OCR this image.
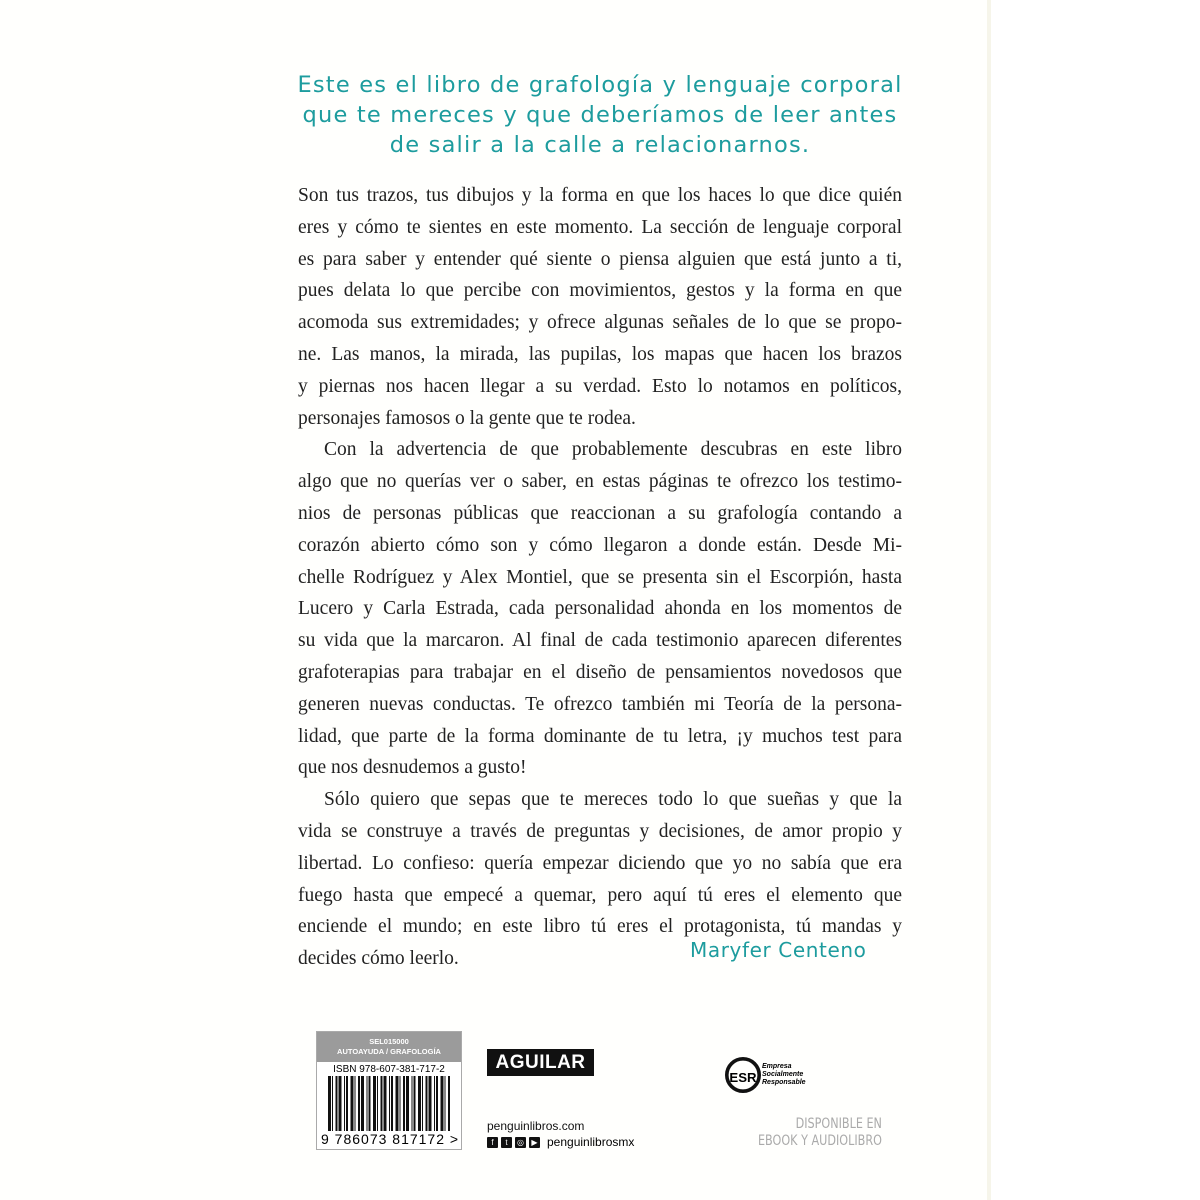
Este es el libro de grafología y lenguaje corporal
que te mereces y que deberíamos de leer antes
de salir a la calle a relacionarnos.
Son tus trazos, tus dibujos y la forma en que los haces lo que dice quién
eres y cómo te sientes en este momento. La sección de lenguaje corporal
es para saber y entender qué siente o piensa alguien que está junto a ti,
pues delata lo que percibe con movimientos, gestos y la forma en que
acomoda sus extremidades; y ofrece algunas señales de lo que se propo-
ne. Las manos, la mirada, las pupilas, los mapas que hacen los brazos
y piernas nos hacen llegar a su verdad. Esto lo notamos en políticos,
personajes famosos o la gente que te rodea.
Con la advertencia de que probablemente descubras en este libro
algo que no querías ver o saber, en estas páginas te ofrezco los testimo-
nios de personas públicas que reaccionan a su grafología contando a
corazón abierto cómo son y cómo llegaron a donde están. Desde Mi-
chelle Rodríguez y Alex Montiel, que se presenta sin el Escorpión, hasta
Lucero y Carla Estrada, cada personalidad ahonda en los momentos de
su vida que la marcaron. Al final de cada testimonio aparecen diferentes
grafoterapias para trabajar en el diseño de pensamientos novedosos que
generen nuevas conductas. Te ofrezco también mi Teoría de la persona-
lidad, que parte de la forma dominante de tu letra, ¡y muchos test para
que nos desnudemos a gusto!
Sólo quiero que sepas que te mereces todo lo que sueñas y que la
vida se construye a través de preguntas y decisiones, de amor propio y
libertad. Lo confieso: quería empezar diciendo que yo no sabía que era
fuego hasta que empecé a quemar, pero aquí tú eres el elemento que
enciende el mundo; en este libro tú eres el protagonista, tú mandas y
decides cómo leerlo.	Maryfer Centeno
SEL015000
AUTOAYUDA / GRAFOLOGÍA
ISBN 978-607-381-717-2
9 786073 817172 >
AGUILAR
penguinlibros.com
f	t	◎ ▶ penguinlibrosmx
ESR
Empresa
Socialmente
Responsable
DISPONIBLE EN
EBOOK Y AUDIOLIBRO
